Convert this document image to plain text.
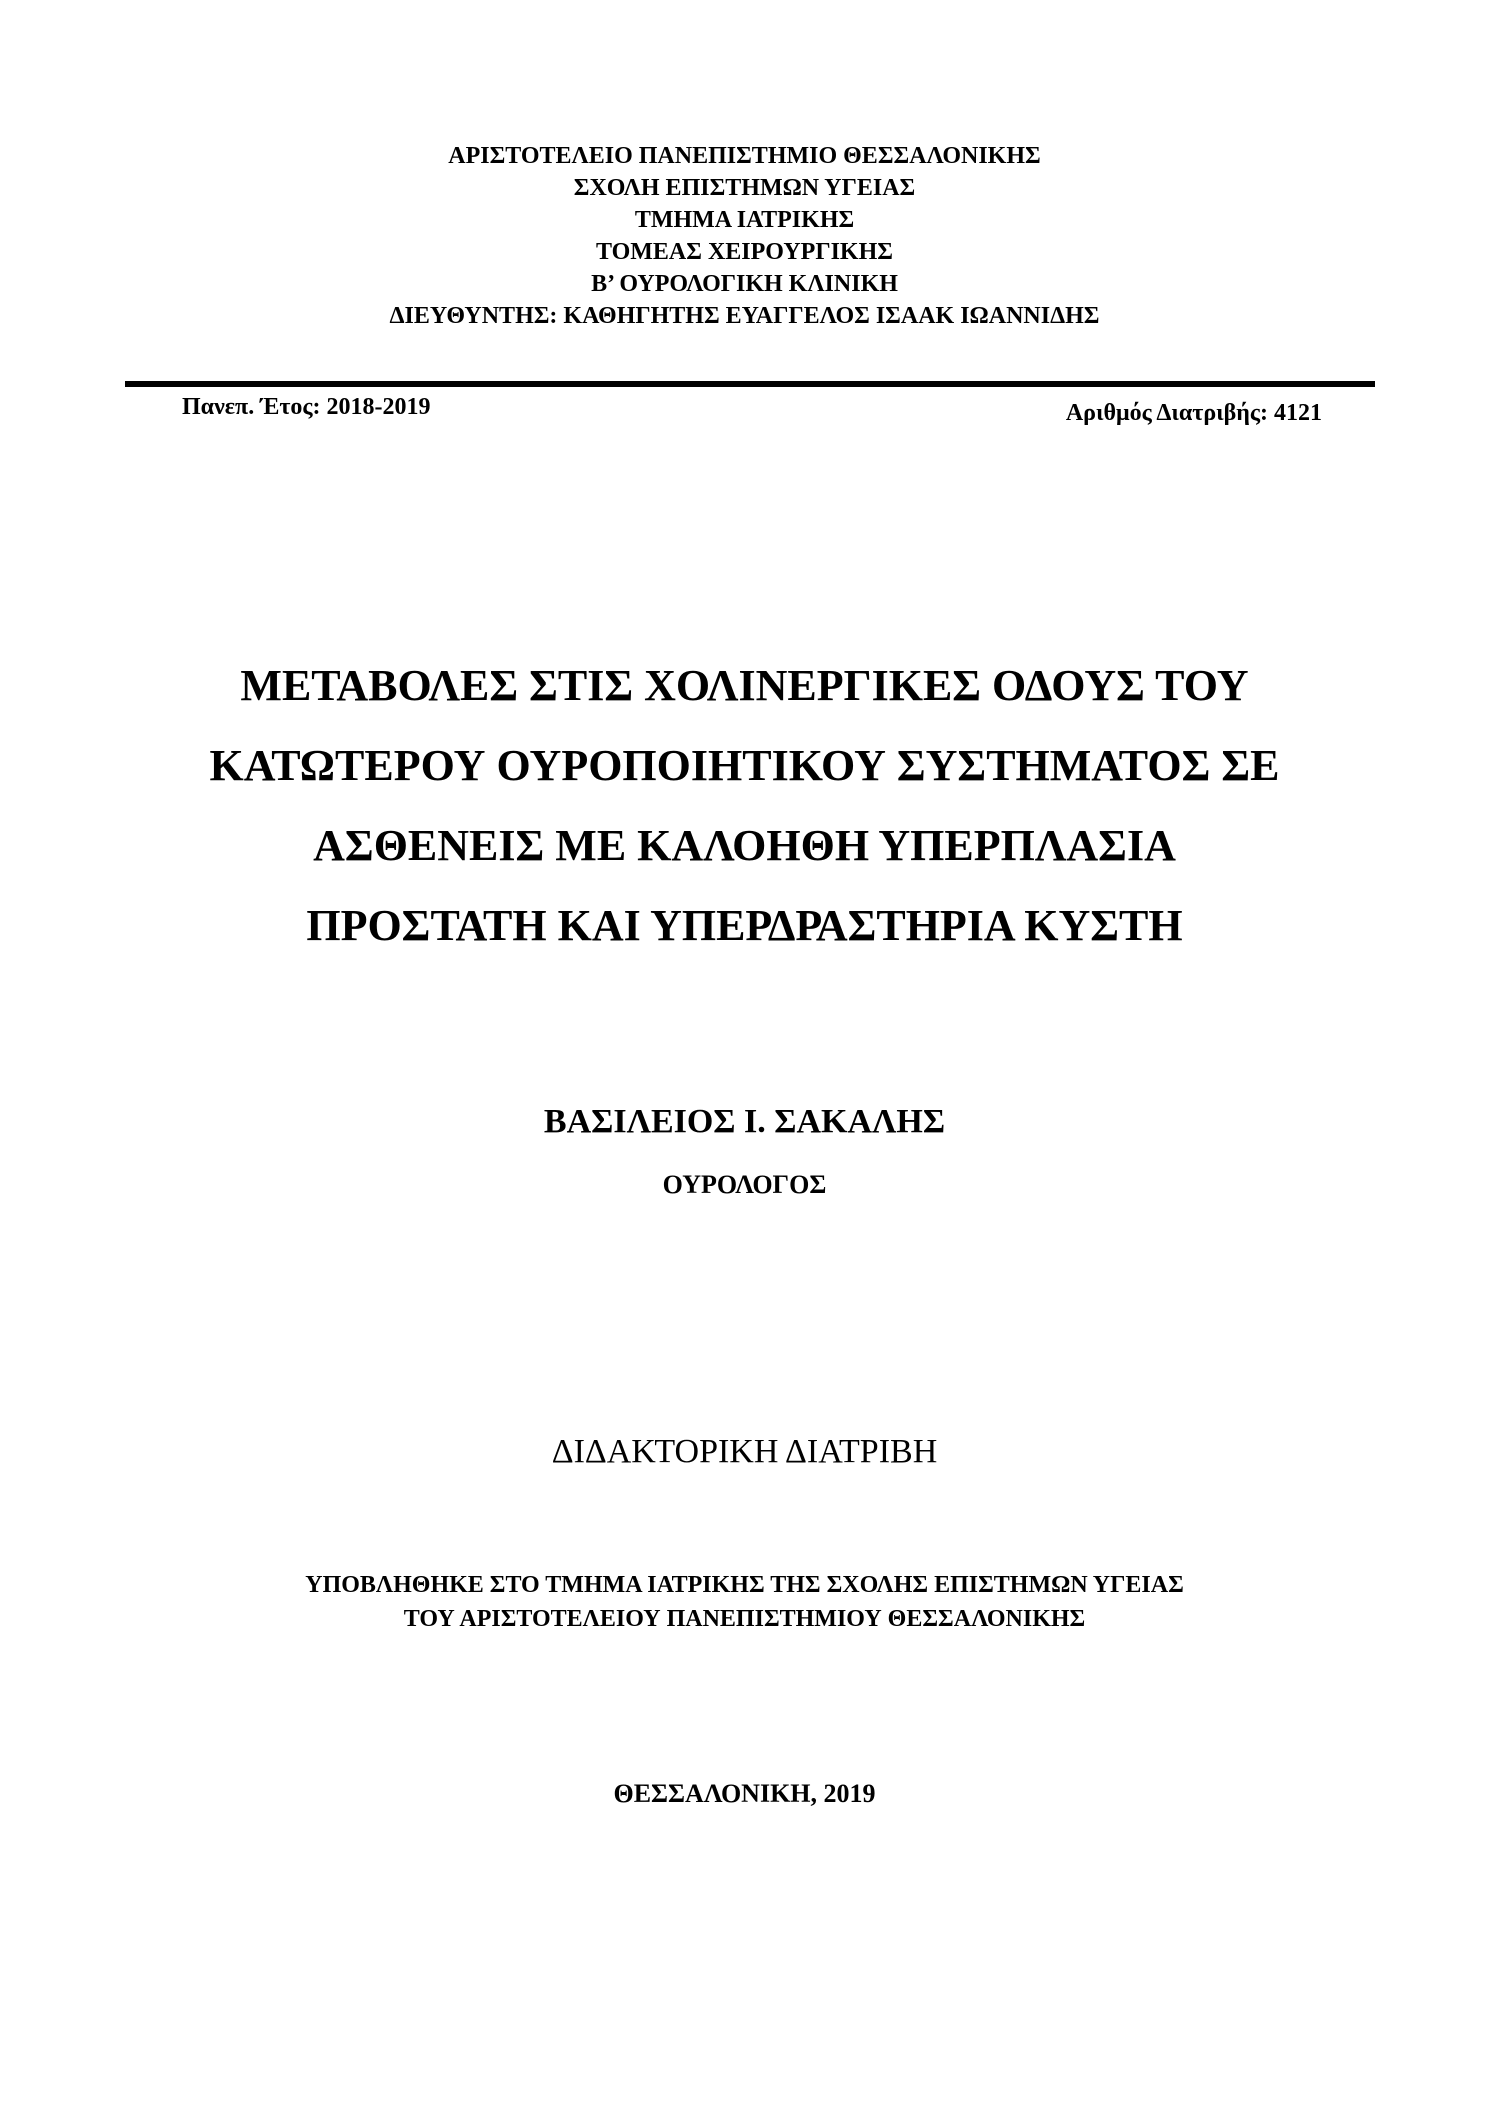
ΑΡΙΣΤΟΤΕΛΕΙΟ ΠΑΝΕΠΙΣΤΗΜΙΟ ΘΕΣΣΑΛΟΝΙΚΗΣ
ΣΧΟΛΗ ΕΠΙΣΤΗΜΩΝ ΥΓΕΙΑΣ
ΤΜΗΜΑ ΙΑΤΡΙΚΗΣ
ΤΟΜΕΑΣ ΧΕΙΡΟΥΡΓΙΚΗΣ
Β’ ΟΥΡΟΛΟΓΙΚΗ ΚΛΙΝΙΚΗ
ΔΙΕΥΘΥΝΤΗΣ: ΚΑΘΗΓΗΤΗΣ ΕΥΑΓΓΕΛΟΣ ΙΣΑΑΚ ΙΩΑΝΝΙΔΗΣ
Πανεπ. Έτος: 2018-2019	Αριθμός Διατριβής: 4121
ΜΕΤΑΒΟΛΕΣ ΣΤΙΣ ΧΟΛΙΝΕΡΓΙΚΕΣ ΟΔΟΥΣ ΤΟΥ
ΚΑΤΩΤΕΡΟΥ ΟΥΡΟΠΟΙΗΤΙΚΟΥ ΣΥΣΤΗΜΑΤΟΣ ΣΕ
ΑΣΘΕΝΕΙΣ ΜΕ ΚΑΛΟΗΘΗ ΥΠΕΡΠΛΑΣΙΑ
ΠΡΟΣΤΑΤΗ ΚΑΙ ΥΠΕΡΔΡΑΣΤΗΡΙΑ ΚΥΣΤΗ
ΒΑΣΙΛΕΙΟΣ Ι. ΣΑΚΑΛΗΣ
ΟΥΡΟΛΟΓΟΣ
ΔΙΔΑΚΤΟΡΙΚΗ ΔΙΑΤΡΙΒΗ
ΥΠΟΒΛΗΘΗΚΕ ΣΤΟ ΤΜΗΜΑ ΙΑΤΡΙΚΗΣ ΤΗΣ ΣΧΟΛΗΣ ΕΠΙΣΤΗΜΩΝ ΥΓΕΙΑΣ
ΤΟΥ ΑΡΙΣΤΟΤΕΛΕΙΟΥ ΠΑΝΕΠΙΣΤΗΜΙΟΥ ΘΕΣΣΑΛΟΝΙΚΗΣ
ΘΕΣΣΑΛΟΝΙΚΗ, 2019
